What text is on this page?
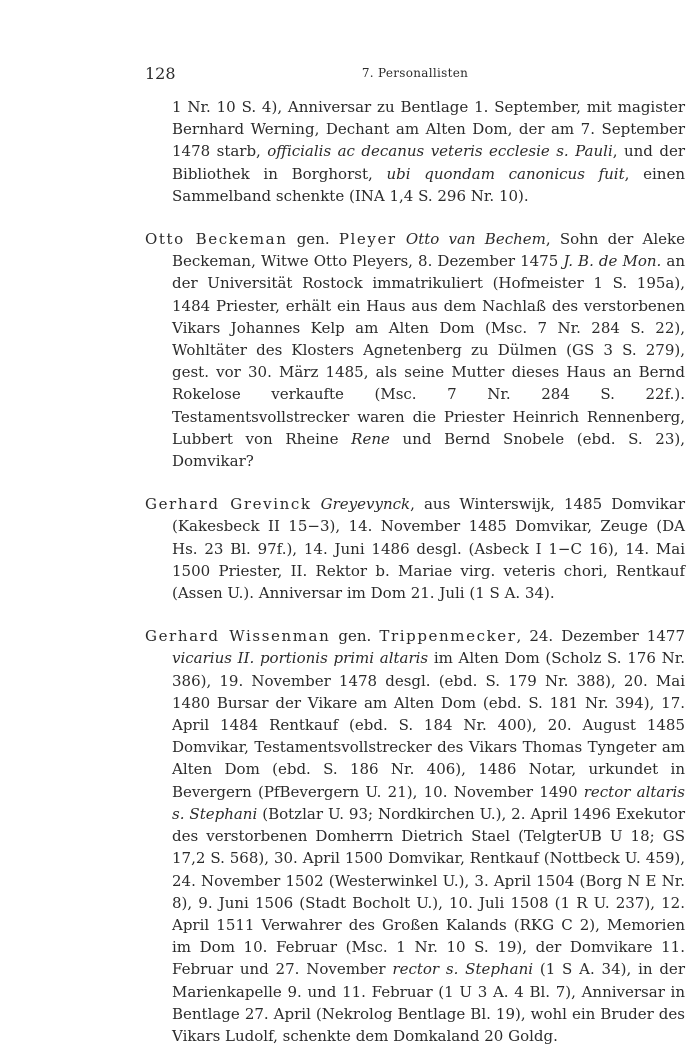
128	7. Personallisten

1 Nr. 10 S. 4), Anniversar zu Bentlage 1. September, mit magister Bernhard Werning, Dechant am Alten Dom, der am 7. September 1478 starb, officialis ac decanus veteris ecclesie s. Pauli, und der Bibliothek in Borghorst, ubi quondam canonicus fuit, einen Sammelband schenkte (INA 1,4 S. 296 Nr. 10).

Otto Beckeman gen. Pleyer Otto van Bechem, Sohn der Aleke Beckeman, Witwe Otto Pleyers, 8. Dezember 1475 J. B. de Mon. an der Universität Rostock immatrikuliert (Hofmeister 1 S. 195a), 1484 Priester, erhält ein Haus aus dem Nachlaß des verstorbenen Vikars Johannes Kelp am Alten Dom (Msc. 7 Nr. 284 S. 22), Wohltäter des Klosters Agnetenberg zu Dülmen (GS 3 S. 279), gest. vor 30. März 1485, als seine Mutter dieses Haus an Bernd Rokelose verkaufte (Msc. 7 Nr. 284 S. 22f.). Testamentsvollstrecker waren die Priester Heinrich Rennenberg, Lubbert von Rheine Rene und Bernd Snobele (ebd. S. 23), Domvikar?

Gerhard Grevinck Greyevynck, aus Winterswijk, 1485 Domvikar (Kakesbeck II 15−3), 14. November 1485 Domvikar, Zeuge (DA Hs. 23 Bl. 97f.), 14. Juni 1486 desgl. (Asbeck I 1−C 16), 14. Mai 1500 Priester, II. Rektor b. Mariae virg. veteris chori, Rentkauf (Assen U.). Anniversar im Dom 21. Juli (1 S A. 34).

Gerhard Wissenman gen. Trippenmecker, 24. Dezember 1477 vicarius II. portionis primi altaris im Alten Dom (Scholz S. 176 Nr. 386), 19. November 1478 desgl. (ebd. S. 179 Nr. 388), 20. Mai 1480 Bursar der Vikare am Alten Dom (ebd. S. 181 Nr. 394), 17. April 1484 Rentkauf (ebd. S. 184 Nr. 400), 20. August 1485 Domvikar, Testamentsvollstrecker des Vikars Thomas Tyngeter am Alten Dom (ebd. S. 186 Nr. 406), 1486 Notar, urkundet in Bevergern (PfBevergern U. 21), 10. November 1490 rector altaris s. Stephani (Botzlar U. 93; Nordkirchen U.), 2. April 1496 Exekutor des verstorbenen Domherrn Dietrich Stael (TelgterUB U 18; GS 17,2 S. 568), 30. April 1500 Domvikar, Rentkauf (Nottbeck U. 459), 24. November 1502 (Westerwinkel U.), 3. April 1504 (Borg N E Nr. 8), 9. Juni 1506 (Stadt Bocholt U.), 10. Juli 1508 (1 R U. 237), 12. April 1511 Verwahrer des Großen Kalands (RKG C 2), Memorien im Dom 10. Februar (Msc. 1 Nr. 10 S. 19), der Domvikare 11. Februar und 27. November rector s. Stephani (1 S A. 34), in der Marienkapelle 9. und 11. Februar (1 U 3 A. 4 Bl. 7), Anniversar in Bentlage 27. April (Nekrolog Bentlage Bl. 19), wohl ein Bruder des Vikars Ludolf, schenkte dem Domkaland 20 Goldg.
